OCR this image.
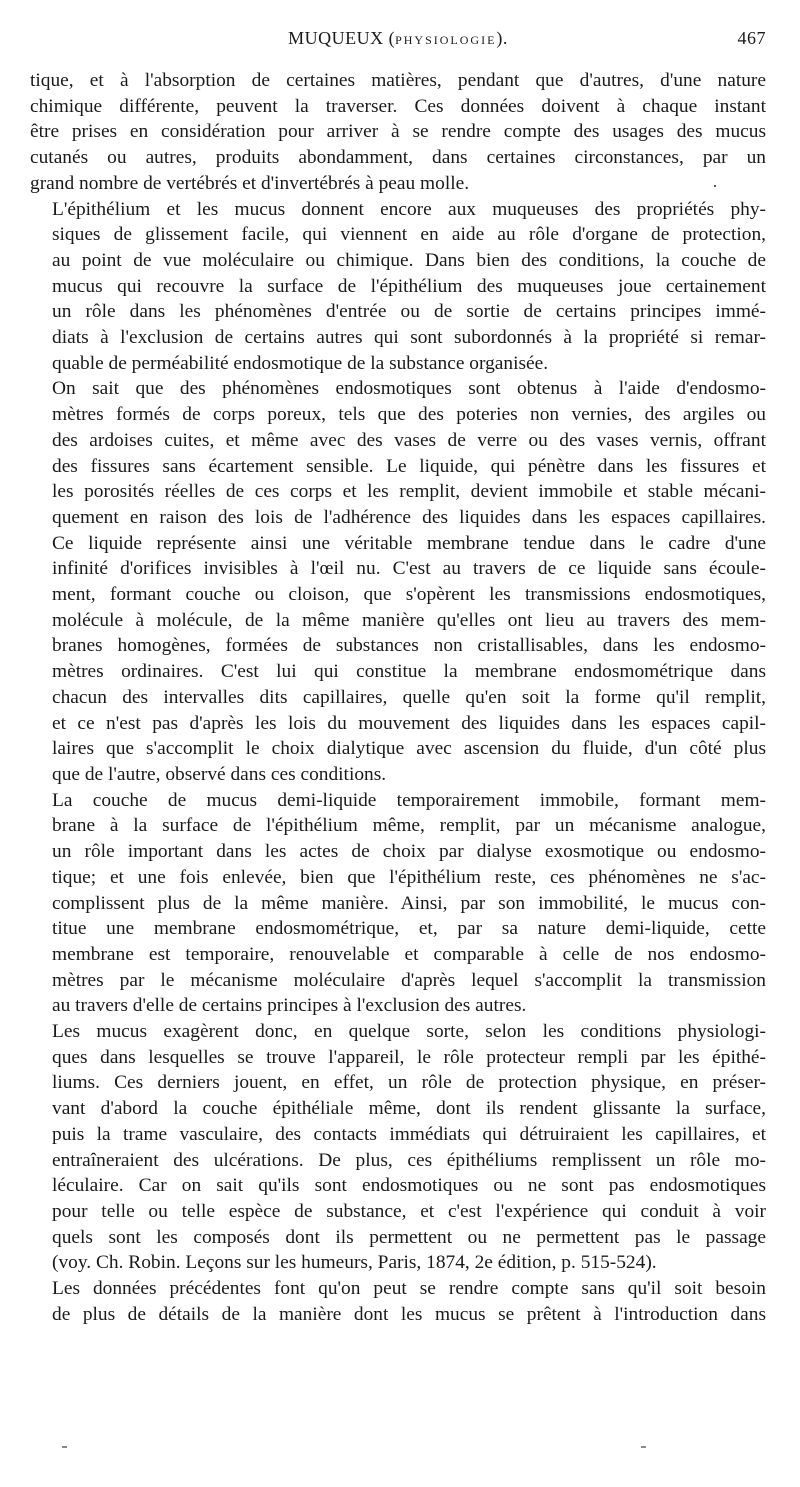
MUQUEUX (PHYSIOLOGIE).	467

tique, et à l'absorption de certaines matières, pendant que d'autres, d'une nature
chimique différente, peuvent la traverser. Ces données doivent à chaque instant
être prises en considération pour arriver à se rendre compte des usages des mucus
cutanés ou autres, produits abondamment, dans certaines circonstances, par un
grand nombre de vertébrés et d'invertébrés à peau molle.

L'épithélium et les mucus donnent encore aux muqueuses des propriétés phy-
siques de glissement facile, qui viennent en aide au rôle d'organe de protection,
au point de vue moléculaire ou chimique. Dans bien des conditions, la couche de
mucus qui recouvre la surface de l'épithélium des muqueuses joue certainement
un rôle dans les phénomènes d'entrée ou de sortie de certains principes immé-
diats à l'exclusion de certains autres qui sont subordonnés à la propriété si remar-
quable de perméabilité endosmotique de la substance organisée.

On sait que des phénomènes endosmotiques sont obtenus à l'aide d'endosmo-
mètres formés de corps poreux, tels que des poteries non vernies, des argiles ou
des ardoises cuites, et même avec des vases de verre ou des vases vernis, offrant
des fissures sans écartement sensible. Le liquide, qui pénètre dans les fissures et
les porosités réelles de ces corps et les remplit, devient immobile et stable mécani-
quement en raison des lois de l'adhérence des liquides dans les espaces capillaires.
Ce liquide représente ainsi une véritable membrane tendue dans le cadre d'une
infinité d'orifices invisibles à l'œil nu. C'est au travers de ce liquide sans écoule-
ment, formant couche ou cloison, que s'opèrent les transmissions endosmotiques,
molécule à molécule, de la même manière qu'elles ont lieu au travers des mem-
branes homogènes, formées de substances non cristallisables, dans les endosmo-
mètres ordinaires. C'est lui qui constitue la membrane endosmométrique dans
chacun des intervalles dits capillaires, quelle qu'en soit la forme qu'il remplit,
et ce n'est pas d'après les lois du mouvement des liquides dans les espaces capil-
laires que s'accomplit le choix dialytique avec ascension du fluide, d'un côté plus
que de l'autre, observé dans ces conditions.

La couche de mucus demi-liquide temporairement immobile, formant mem-
brane à la surface de l'épithélium même, remplit, par un mécanisme analogue,
un rôle important dans les actes de choix par dialyse exosmotique ou endosmo-
tique; et une fois enlevée, bien que l'épithélium reste, ces phénomènes ne s'ac-
complissent plus de la même manière. Ainsi, par son immobilité, le mucus con-
titue une membrane endosmométrique, et, par sa nature demi-liquide, cette
membrane est temporaire, renouvelable et comparable à celle de nos endosmo-
mètres par le mécanisme moléculaire d'après lequel s'accomplit la transmission
au travers d'elle de certains principes à l'exclusion des autres.

Les mucus exagèrent donc, en quelque sorte, selon les conditions physiologi-
ques dans lesquelles se trouve l'appareil, le rôle protecteur rempli par les épithé-
liums. Ces derniers jouent, en effet, un rôle de protection physique, en préser-
vant d'abord la couche épithéliale même, dont ils rendent glissante la surface,
puis la trame vasculaire, des contacts immédiats qui détruiraient les capillaires, et
entraîneraient des ulcérations. De plus, ces épithéliums remplissent un rôle mo-
léculaire. Car on sait qu'ils sont endosmotiques ou ne sont pas endosmotiques
pour telle ou telle espèce de substance, et c'est l'expérience qui conduit à voir
quels sont les composés dont ils permettent ou ne permettent pas le passage
(voy. Ch. Robin. Leçons sur les humeurs, Paris, 1874, 2e édition, p. 515-524).

Les données précédentes font qu'on peut se rendre compte sans qu'il soit besoin
de plus de détails de la manière dont les mucus se prêtent à l'introduction dans
